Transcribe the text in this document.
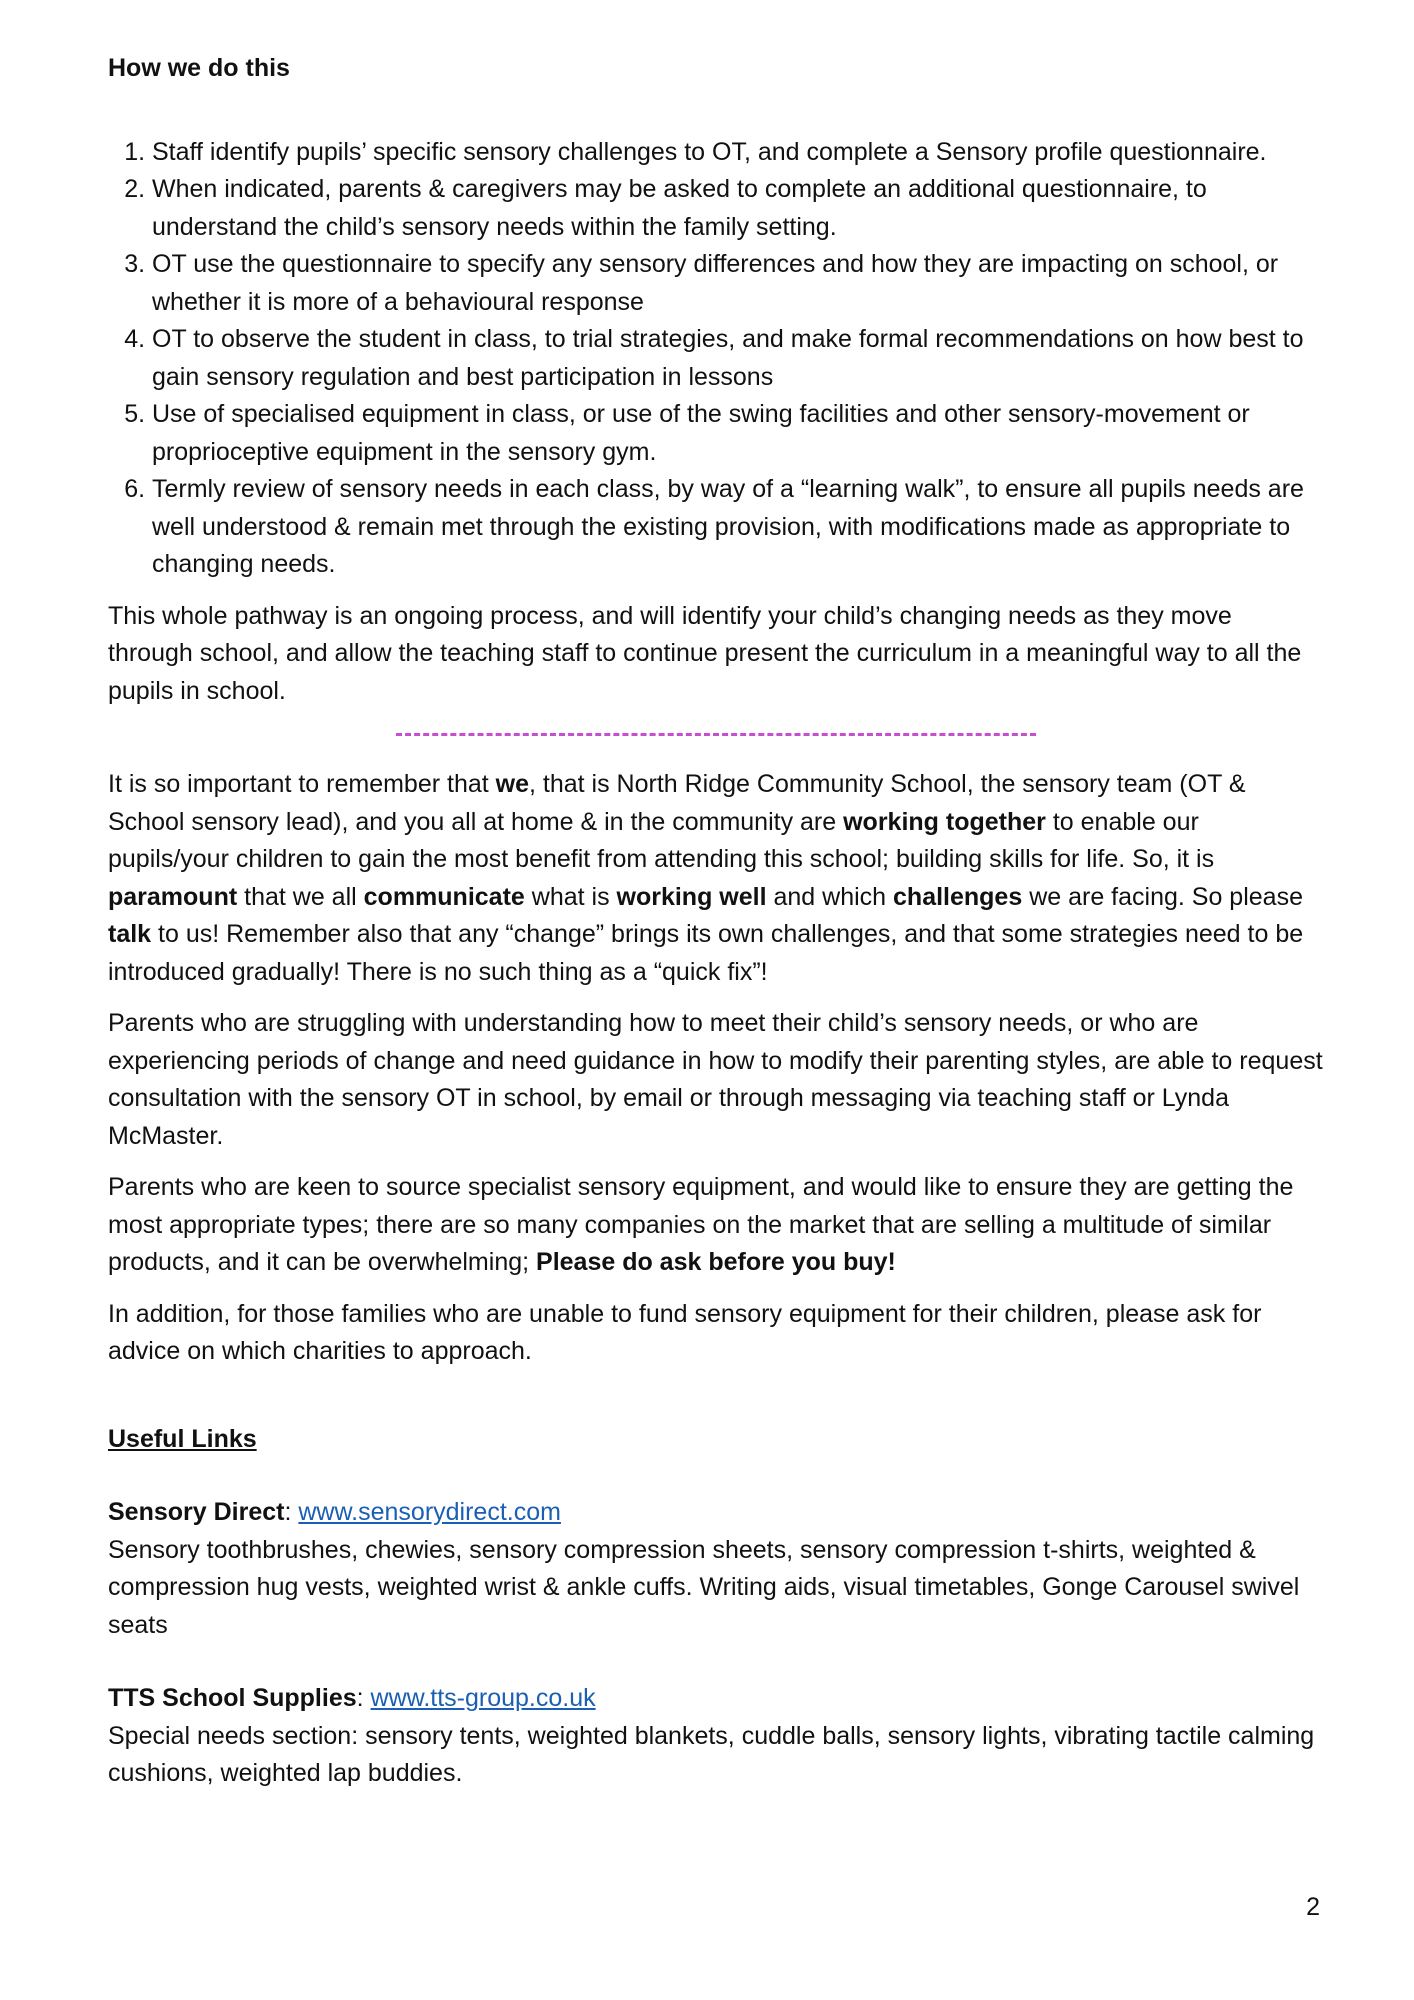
How we do this
1. Staff identify pupils’ specific sensory challenges to OT, and complete a Sensory profile questionnaire.
2. When indicated, parents & caregivers may be asked to complete an additional questionnaire, to understand the child’s sensory needs within the family setting.
3. OT use the questionnaire to specify any sensory differences and how they are impacting on school, or whether it is more of a behavioural response
4. OT to observe the student in class, to trial strategies, and make formal recommendations on how best to gain sensory regulation and best participation in lessons
5. Use of specialised equipment in class, or use of the swing facilities and other sensory-movement or proprioceptive equipment in the sensory gym.
6. Termly review of sensory needs in each class, by way of a “learning walk”, to ensure all pupils needs are well understood & remain met through the existing provision, with modifications made as appropriate to changing needs.

This whole pathway is an ongoing process, and will identify your child’s changing needs as they move through school, and allow the teaching staff to continue present the curriculum in a meaningful way to all the pupils in school.

It is so important to remember that we, that is North Ridge Community School, the sensory team (OT & School sensory lead), and you all at home & in the community are working together to enable our pupils/your children to gain the most benefit from attending this school; building skills for life. So, it is paramount that we all communicate what is working well and which challenges we are facing. So please talk to us! Remember also that any “change” brings its own challenges, and that some strategies need to be introduced gradually! There is no such thing as a “quick fix”!

Parents who are struggling with understanding how to meet their child’s sensory needs, or who are experiencing periods of change and need guidance in how to modify their parenting styles, are able to request consultation with the sensory OT in school, by email or through messaging via teaching staff or Lynda McMaster.

Parents who are keen to source specialist sensory equipment, and would like to ensure they are getting the most appropriate types; there are so many companies on the market that are selling a multitude of similar products, and it can be overwhelming; Please do ask before you buy!

In addition, for those families who are unable to fund sensory equipment for their children, please ask for advice on which charities to approach.

Useful Links
Sensory Direct: www.sensorydirect.com
Sensory toothbrushes, chewies, sensory compression sheets, sensory compression t-shirts, weighted & compression hug vests, weighted wrist & ankle cuffs. Writing aids, visual timetables, Gonge Carousel swivel seats
TTS School Supplies: www.tts-group.co.uk
Special needs section: sensory tents, weighted blankets, cuddle balls, sensory lights, vibrating tactile calming cushions, weighted lap buddies.
2
